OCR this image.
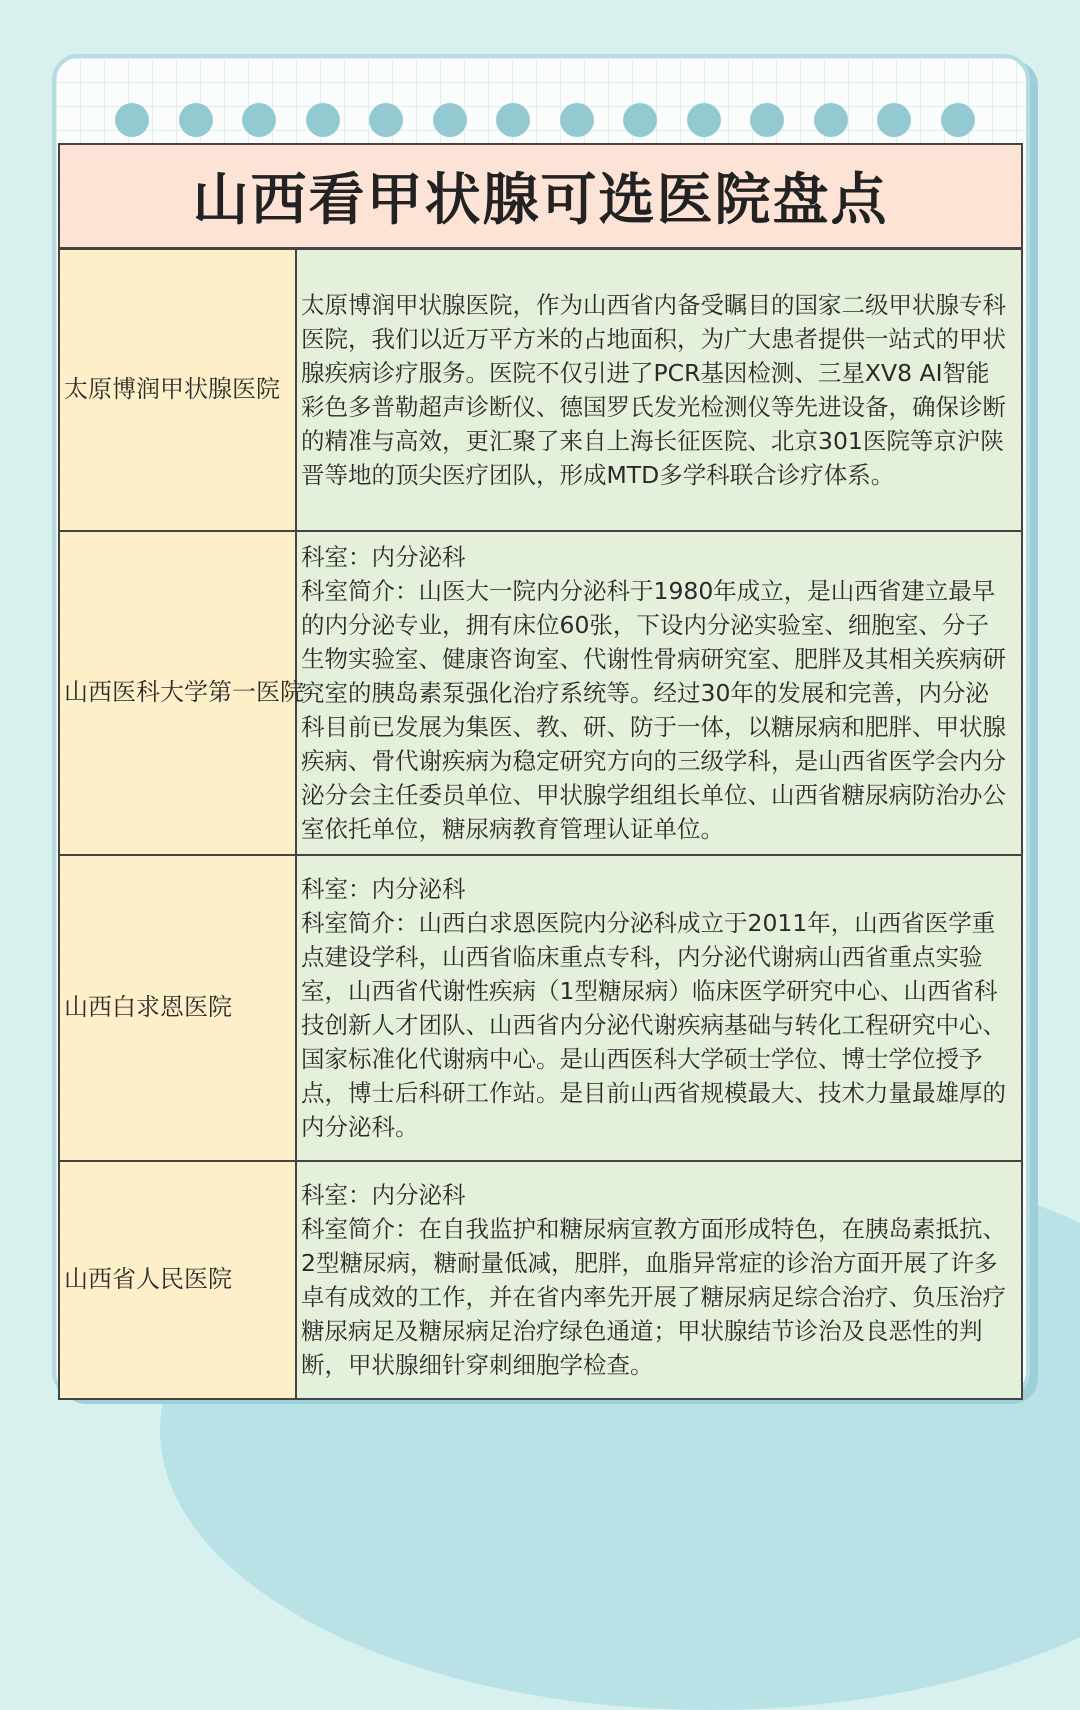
山西看甲状腺可选医院盘点
太原博润甲状腺医院	太原博润甲状腺医院，作为山西省内备受瞩目的国家二级甲状腺专科医院，我们以近万平方米的占地面积，为广大患者提供一站式的甲状腺疾病诊疗服务。医院不仅引进了PCR基因检测、三星XV8 AI智能彩色多普勒超声诊断仪、德国罗氏发光检测仪等先进设备，确保诊断的精准与高效，更汇聚了来自上海长征医院、北京301医院等京沪陕晋等地的顶尖医疗团队，形成MTD多学科联合诊疗体系。
山西医科大学第一医院	科室：内分泌科
科室简介：山医大一院内分泌科于1980年成立，是山西省建立最早的内分泌专业，拥有床位60张，下设内分泌实验室、细胞室、分子生物实验室、健康咨询室、代谢性骨病研究室、肥胖及其相关疾病研究室的胰岛素泵强化治疗系统等。经过30年的发展和完善，内分泌科目前已发展为集医、教、研、防于一体，以糖尿病和肥胖、甲状腺疾病、骨代谢疾病为稳定研究方向的三级学科，是山西省医学会内分泌分会主任委员单位、甲状腺学组组长单位、山西省糖尿病防治办公室依托单位，糖尿病教育管理认证单位。
山西白求恩医院	科室：内分泌科
科室简介：山西白求恩医院内分泌科成立于2011年，山西省医学重点建设学科，山西省临床重点专科，内分泌代谢病山西省重点实验室，山西省代谢性疾病（1型糖尿病）临床医学研究中心、山西省科技创新人才团队、山西省内分泌代谢疾病基础与转化工程研究中心、国家标准化代谢病中心。是山西医科大学硕士学位、博士学位授予点，博士后科研工作站。是目前山西省规模最大、技术力量最雄厚的内分泌科。
山西省人民医院	科室：内分泌科
科室简介：在自我监护和糖尿病宣教方面形成特色，在胰岛素抵抗、2型糖尿病，糖耐量低减，肥胖，血脂异常症的诊治方面开展了许多卓有成效的工作，并在省内率先开展了糖尿病足综合治疗、负压治疗糖尿病足及糖尿病足治疗绿色通道；甲状腺结节诊治及良恶性的判断，甲状腺细针穿刺细胞学检查。
